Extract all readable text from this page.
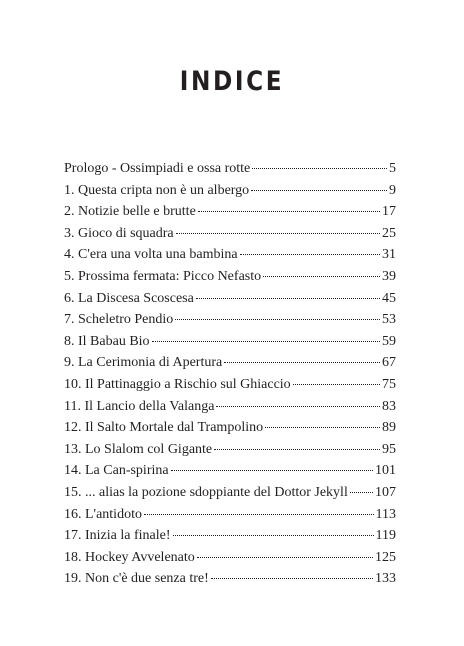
INDICE
Prologo - Ossimpiadi e ossa rotte	5
1. Questa cripta non è un albergo	9
2. Notizie belle e brutte	17
3. Gioco di squadra	25
4. C'era una volta una bambina	31
5. Prossima fermata: Picco Nefasto	39
6. La Discesa Scoscesa	45
7. Scheletro Pendio	53
8. Il Babau Bio	59
9. La Cerimonia di Apertura	67
10. Il Pattinaggio a Rischio sul Ghiaccio	75
11. Il Lancio della Valanga	83
12. Il Salto Mortale dal Trampolino	89
13. Lo Slalom col Gigante	95
14. La Can-spirina	101
15. ... alias la pozione sdoppiante del Dottor Jekyll 107
16. L'antidoto	113
17. Inizia la finale!	119
18. Hockey Avvelenato	125
19. Non c'è due senza tre!	133
